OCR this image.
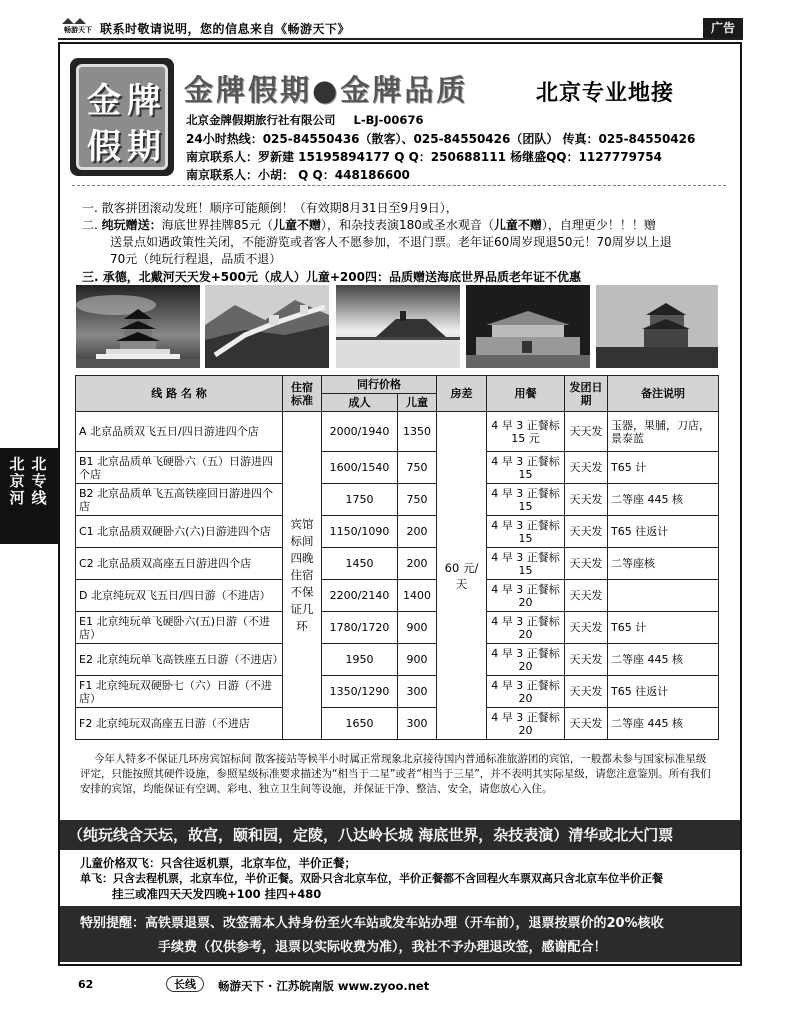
畅游天下 联系时敬请说明，您的信息来自《畅游天下》	广告
北京河
北专线
金 牌
假 期
金牌假期●金牌品质	北京专业地接
北京金牌假期旅行社有限公司 L-BJ-00676
24小时热线：025-84550436（散客）、025-84550426（团队） 传真：025-84550426
南京联系人：罗新建 15195894177 Q Q：250688111 杨继盛QQ：1127779754
南京联系人：小胡： Q Q：448186600
一. 散客拼团滚动发班！顺序可能颠倒！（有效期8月31日至9月9日），
二. 纯玩赠送：海底世界挂牌85元（儿童不赠），和杂技表演180或圣水观音（儿童不赠），自理更少！！！赠
送景点如遇政策性关闭，不能游览或者客人不愿参加，不退门票。老年证60周岁现退50元！70周岁以上退
70元（纯玩行程退，品质不退）
三. 承德，北戴河天天发+500元（成人）儿童+200四：品质赠送海底世界品质老年证不优惠
线 路 名 称	住宿标准	同行价格		房差	用餐	发团日期	备注说明
		成人	儿童				
A 北京品质双飞五日/四日游进四个店	宾馆标间四晚住宿不保证几环	2000/1940	1350	60 元/天	4 早 3 正餐标 15 元	天天发	玉器，果脯，刀店，景泰蓝
B1 北京品质单飞硬卧六（五）日游进四个店		1600/1540	750		4 早 3 正餐标 15	天天发	T65 计
B2 北京品质单飞五高铁座回日游进四个店		1750	750		4 早 3 正餐标 15	天天发	二等座 445 核
C1 北京品质双硬卧六(六)日游进四个店		1150/1090	200		4 早 3 正餐标 15	天天发	T65 往返计
C2 北京品质双高座五日游进四个店		1450	200		4 早 3 正餐标 15	天天发	二等座核
D 北京纯玩双飞五日/四日游（不进店）		2200/2140	1400		4 早 3 正餐标 20	天天发	
E1 北京纯玩单飞硬卧六(五)日游（不进店）		1780/1720	900		4 早 3 正餐标 20	天天发	T65 计
E2 北京纯玩单飞高铁座五日游（不进店）		1950	900		4 早 3 正餐标 20	天天发	二等座 445 核
F1 北京纯玩双硬卧七（六）日游（不进店）		1350/1290	300		4 早 3 正餐标 20	天天发	T65 往返计
F2 北京纯玩双高座五日游（不进店		1650	300		4 早 3 正餐标 20	天天发	二等座 445 核
今年人特多不保证几环房宾馆标间 散客接站等候半小时属正常现象北京接待国内普通标准旅游团的宾馆，一般都未参与国家标准星级评定，只能按照其硬件设施，参照星级标准要求描述为“相当于二星”或者“相当于三星”，并不表明其实际星级，请您注意鉴别。所有我们安排的宾馆，均能保证有空调、彩电、独立卫生间等设施，并保证干净、整洁、安全，请您放心入住。
（纯玩线含天坛，故宫，颐和园，定陵，八达岭长城 海底世界，杂技表演）清华或北大门票
儿童价格双飞：只含往返机票，北京车位，半价正餐；
单飞：只含去程机票，北京车位，半价正餐。双卧只含北京车位，半价正餐都不含回程火车票双高只含北京车位半价正餐
挂三或准四天天发四晚+100 挂四+480
特别提醒：高铁票退票、改签需本人持身份至火车站或发车站办理（开车前），退票按票价的20%核收
手续费（仅供参考，退票以实际收费为准），我社不予办理退改签，感谢配合！
62	长线	畅游天下 · 江苏皖南版 www.zyoo.net
